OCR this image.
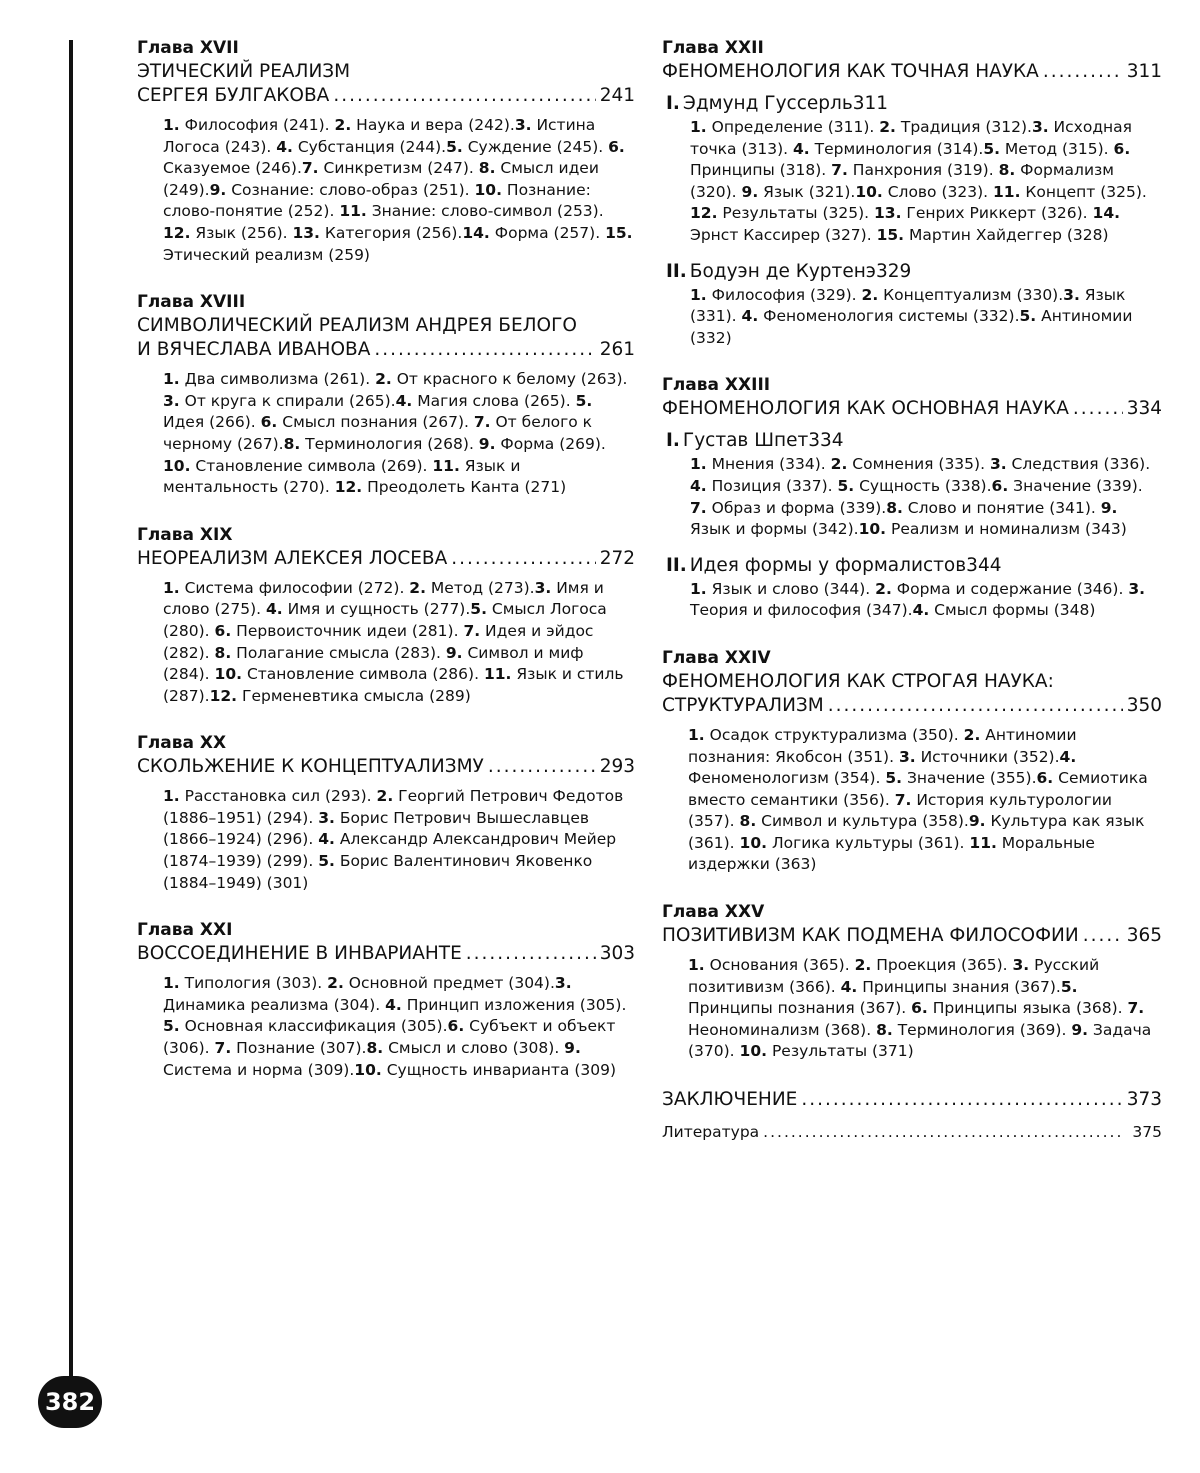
382
Глава XVII
ЭТИЧЕСКИЙ РЕАЛИЗМ
СЕРГЕЯ БУЛГАКОВА .....	241
1. Философия (241). 2. Наука и вера (242).3. Истина Логоса (243). 4. Субстанция (244).5. Суждение (245). 6. Сказуемое (246).7. Синкретизм (247). 8. Смысл идеи (249).9. Сознание: слово-образ (251). 10. Познание: слово-понятие (252). 11. Знание: слово-символ (253). 12. Язык (256). 13. Категория (256).14. Форма (257). 15. Этический реализм (259)
Глава XVIII
СИМВОЛИЧЕСКИЙ РЕАЛИЗМ АНДРЕЯ БЕЛОГО
И ВЯЧЕСЛАВА ИВАНОВА .....	261
1. Два символизма (261). 2. От красного к белому (263). 3. От круга к спирали (265).4. Магия слова (265). 5. Идея (266). 6. Смысл познания (267). 7. От белого к черному (267).8. Терминология (268). 9. Форма (269). 10. Становление символа (269). 11. Язык и ментальность (270). 12. Преодолеть Канта (271)
Глава XIX
НЕОРЕАЛИЗМ АЛЕКСЕЯ ЛОСЕВА .....	272
1. Система философии (272). 2. Метод (273).3. Имя и слово (275). 4. Имя и сущность (277).5. Смысл Логоса (280). 6. Первоисточник идеи (281). 7. Идея и эйдос (282). 8. Полагание смысла (283). 9. Символ и миф (284). 10. Становление символа (286). 11. Язык и стиль (287).12. Герменевтика смысла (289)
Глава XX
СКОЛЬЖЕНИЕ К КОНЦЕПТУАЛИЗМУ .....	293
1. Расстановка сил (293). 2. Георгий Петрович Федотов (1886–1951) (294). 3. Борис Петрович Вышеславцев (1866–1924) (296). 4. Александр Александрович Мейер (1874–1939) (299). 5. Борис Валентинович Яковенко (1884–1949) (301)
Глава XXI
ВОССОЕДИНЕНИЕ В ИНВАРИАНТЕ .....	303
1. Типология (303). 2. Основной предмет (304).3. Динамика реализма (304). 4. Принцип изложения (305). 5. Основная классификация (305).6. Субъект и объект (306). 7. Познание (307).8. Смысл и слово (308). 9. Система и норма (309).10. Сущность инварианта (309)
Глава XXII
ФЕНОМЕНОЛОГИЯ КАК ТОЧНАЯ НАУКА .....	311
I. Эдмунд Гуссерль 311
1. Определение (311). 2. Традиция (312).3. Исходная точка (313). 4. Терминология (314).5. Метод (315). 6. Принципы (318). 7. Панхрония (319). 8. Формализм (320). 9. Язык (321).10. Слово (323). 11. Концепт (325). 12. Результаты (325). 13. Генрих Риккерт (326). 14. Эрнст Кассирер (327). 15. Мартин Хайдеггер (328)
II. Бодуэн де Куртенэ 329
1. Философия (329). 2. Концептуализм (330).3. Язык (331). 4. Феноменология системы (332).5. Антиномии (332)
Глава XXIII
ФЕНОМЕНОЛОГИЯ КАК ОСНОВНАЯ НАУКА .....	334
I. Густав Шпет 334
1. Мнения (334). 2. Сомнения (335). 3. Следствия (336). 4. Позиция (337). 5. Сущность (338).6. Значение (339). 7. Образ и форма (339).8. Слово и понятие (341). 9. Язык и формы (342).10. Реализм и номинализм (343)
II. Идея формы у формалистов 344
1. Язык и слово (344). 2. Форма и содержание (346). 3. Теория и философия (347).4. Смысл формы (348)
Глава XXIV
ФЕНОМЕНОЛОГИЯ КАК СТРОГАЯ НАУКА:
СТРУКТУРАЛИЗМ .....	350
1. Осадок структурализма (350). 2. Антиномии познания: Якобсон (351). 3. Источники (352).4. Феноменологизм (354). 5. Значение (355).6. Семиотика вместо семантики (356). 7. История культурологии (357). 8. Символ и культура (358).9. Культура как язык (361). 10. Логика культуры (361). 11. Моральные издержки (363)
Глава XXV
ПОЗИТИВИЗМ КАК ПОДМЕНА ФИЛОСОФИИ .....	365
1. Основания (365). 2. Проекция (365). 3. Русский позитивизм (366). 4. Принципы знания (367).5. Принципы познания (367). 6. Принципы языка (368). 7. Неономинализм (368). 8. Терминология (369). 9. Задача (370). 10. Результаты (371)
ЗАКЛЮЧЕНИЕ .....	373
Литература .....	375
